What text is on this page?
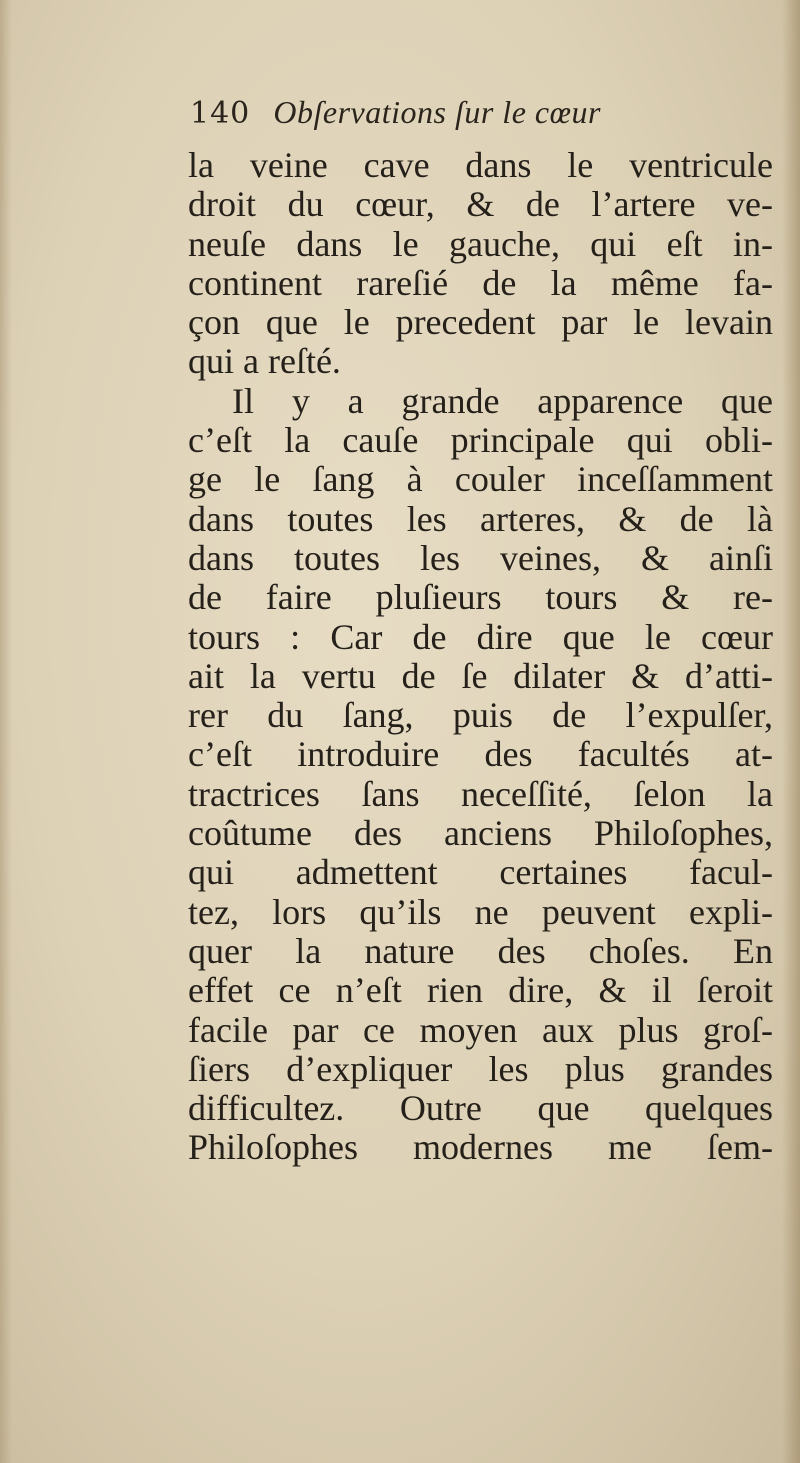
140 Obſervations ſur le cœur
la veine cave dans le ventricule
droit du cœur, & de l’artere ve-
neuſe dans le gauche, qui eſt in-
continent rareſié de la même fa-
çon que le precedent par le levain
qui a reſté.
Il y a grande apparence que
c’eſt la cauſe principale qui obli-
ge le ſang à couler inceſſamment
dans toutes les arteres, & de là
dans toutes les veines, & ainſi
de faire pluſieurs tours & re-
tours : Car de dire que le cœur
ait la vertu de ſe dilater & d’atti-
rer du ſang, puis de l’expulſer,
c’eſt introduire des facultés at-
tractrices ſans neceſſité, ſelon la
coûtume des anciens Philoſophes,
qui admettent certaines facul-
tez, lors qu’ils ne peuvent expli-
quer la nature des choſes. En
effet ce n’eſt rien dire, & il ſeroit
facile par ce moyen aux plus groſ-
ſiers d’expliquer les plus grandes
difficultez. Outre que quelques
Philoſophes modernes me ſem-
